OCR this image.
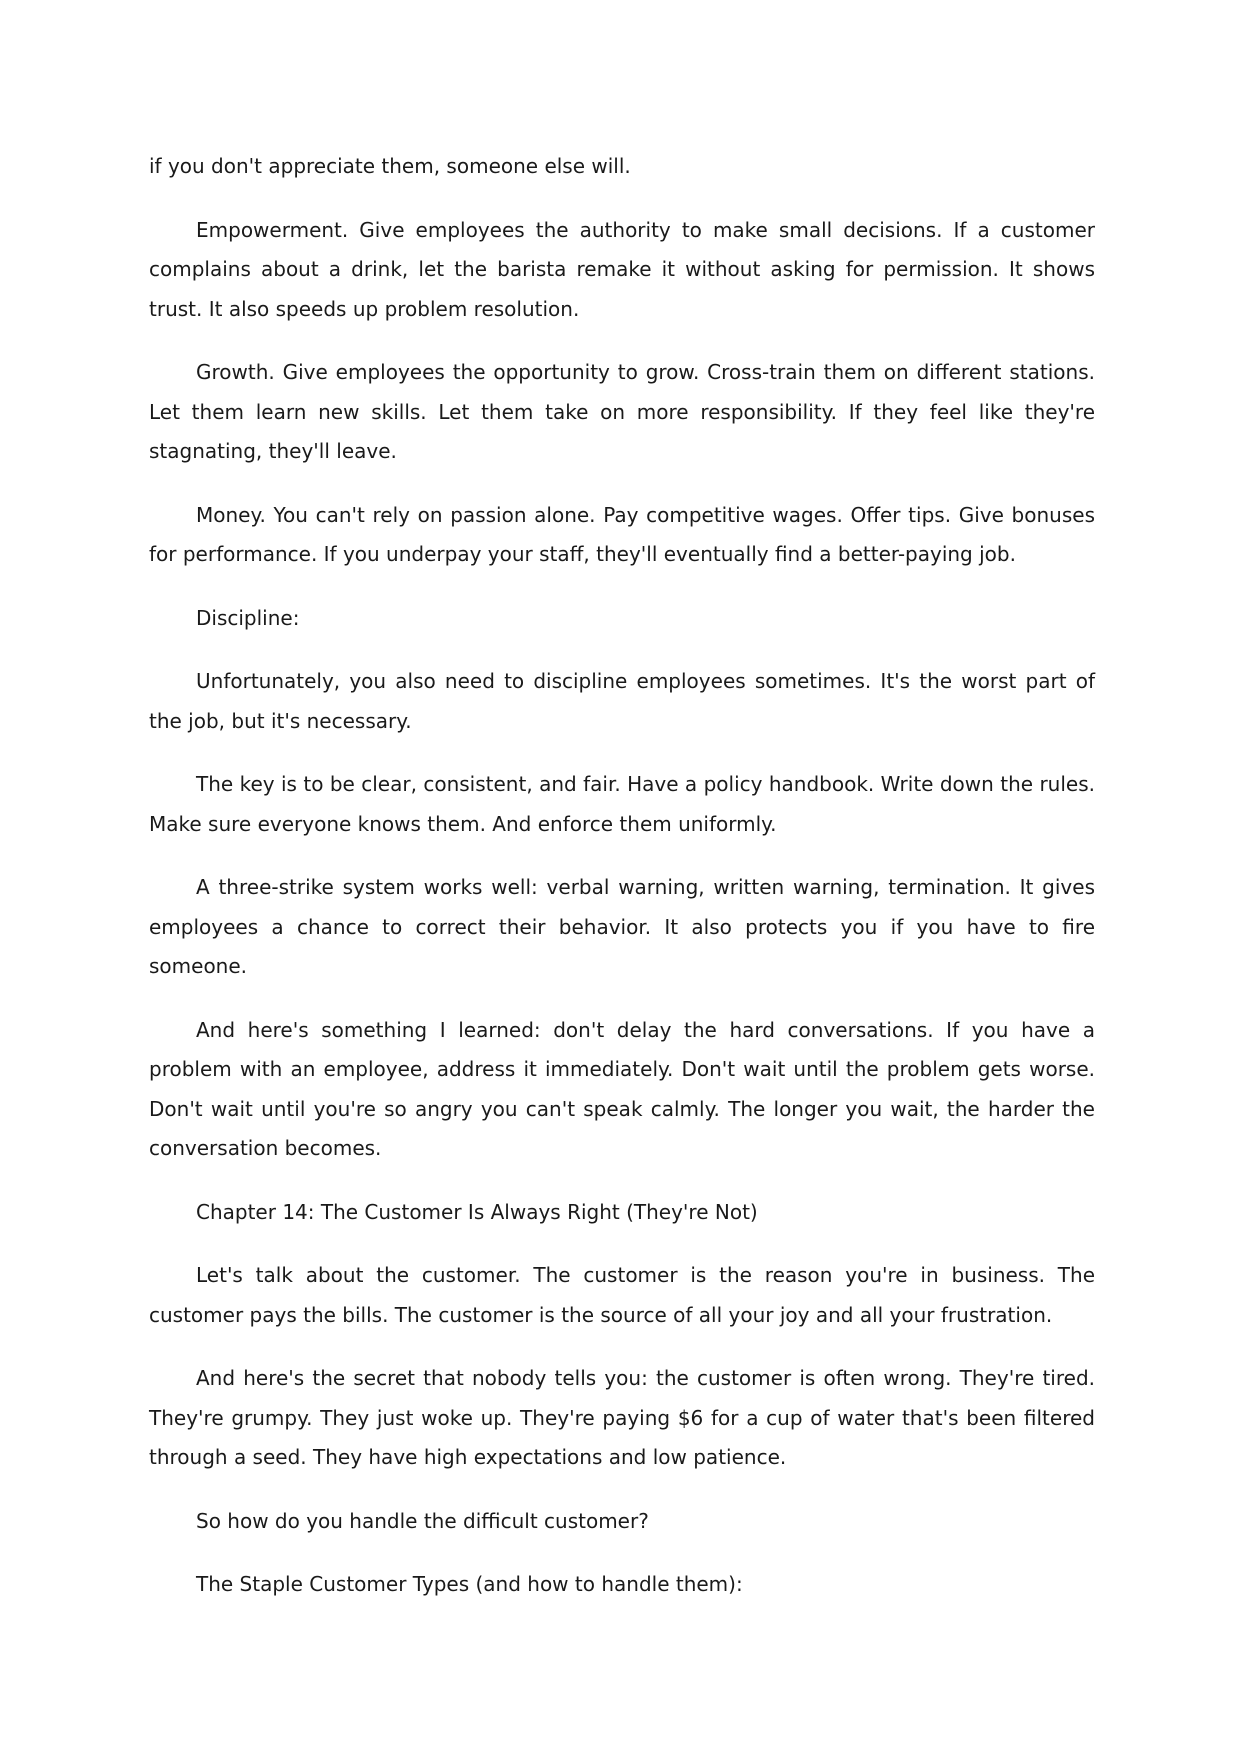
if you don't appreciate them, someone else will.

Empowerment. Give employees the authority to make small decisions. If a customer complains about a drink, let the barista remake it without asking for permission. It shows trust. It also speeds up problem resolution.

Growth. Give employees the opportunity to grow. Cross-train them on different stations. Let them learn new skills. Let them take on more responsibility. If they feel like they're stagnating, they'll leave.

Money. You can't rely on passion alone. Pay competitive wages. Offer tips. Give bonuses for performance. If you underpay your staff, they'll eventually find a better-paying job.

Discipline:

Unfortunately, you also need to discipline employees sometimes. It's the worst part of the job, but it's necessary.

The key is to be clear, consistent, and fair. Have a policy handbook. Write down the rules. Make sure everyone knows them. And enforce them uniformly.

A three-strike system works well: verbal warning, written warning, termination. It gives employees a chance to correct their behavior. It also protects you if you have to fire someone.

And here's something I learned: don't delay the hard conversations. If you have a problem with an employee, address it immediately. Don't wait until the problem gets worse. Don't wait until you're so angry you can't speak calmly. The longer you wait, the harder the conversation becomes.

Chapter 14: The Customer Is Always Right (They're Not)

Let's talk about the customer. The customer is the reason you're in business. The customer pays the bills. The customer is the source of all your joy and all your frustration.

And here's the secret that nobody tells you: the customer is often wrong. They're tired. They're grumpy. They just woke up. They're paying $6 for a cup of water that's been filtered through a seed. They have high expectations and low patience.

So how do you handle the difficult customer?

The Staple Customer Types (and how to handle them):
